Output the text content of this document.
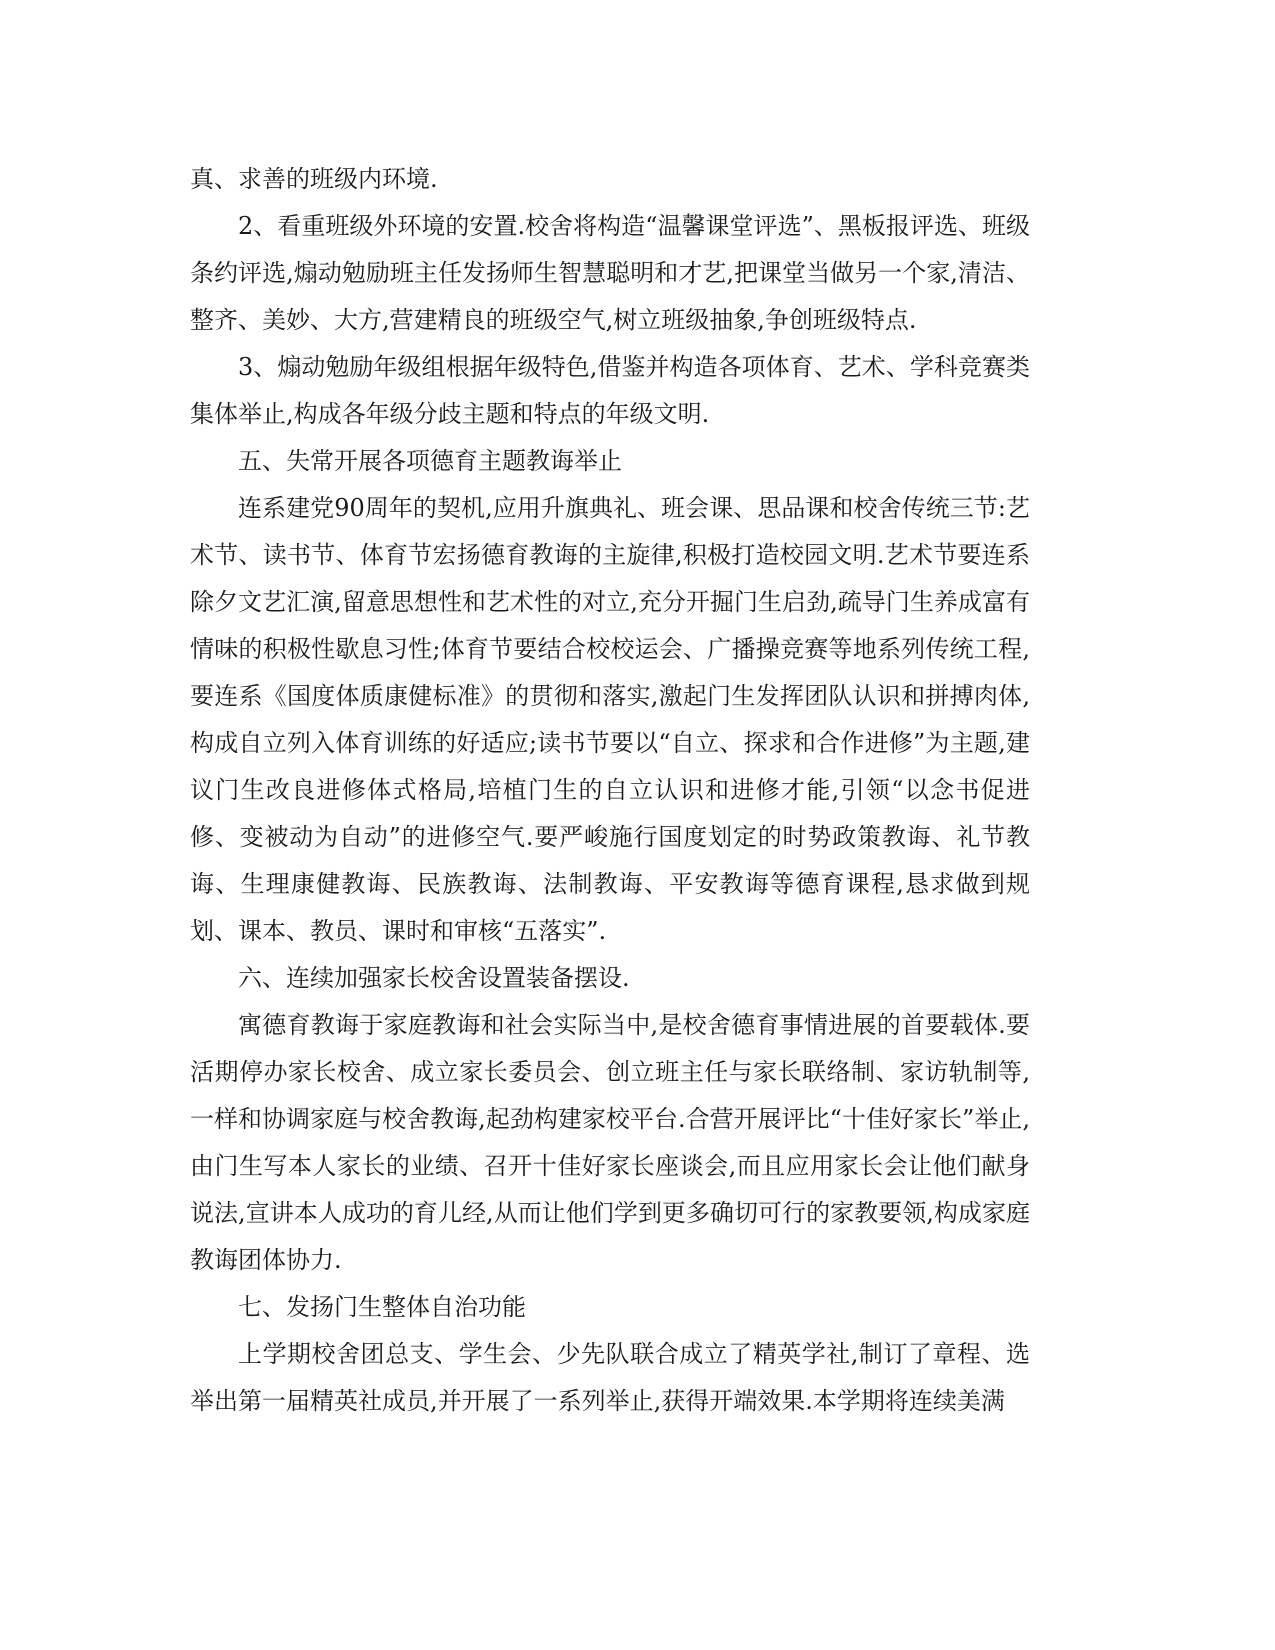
真、求善的班级内环境.

2、看重班级外环境的安置.校舍将构造“温馨课堂评选”、黑板报评选、班级条约评选,煽动勉励班主任发扬师生智慧聪明和才艺,把课堂当做另一个家,清洁、整齐、美妙、大方,营建精良的班级空气,树立班级抽象,争创班级特点.

3、煽动勉励年级组根据年级特色,借鉴并构造各项体育、艺术、学科竞赛类集体举止,构成各年级分歧主题和特点的年级文明.

五、失常开展各项德育主题教诲举止

连系建党90周年的契机,应用升旗典礼、班会课、思品课和校舍传统三节:艺术节、读书节、体育节宏扬德育教诲的主旋律,积极打造校园文明.艺术节要连系除夕文艺汇演,留意思想性和艺术性的对立,充分开掘门生启劲,疏导门生养成富有情味的积极性歇息习性;体育节要结合校校运会、广播操竞赛等地系列传统工程,要连系《国度体质康健标准》的贯彻和落实,激起门生发挥团队认识和拼搏肉体,构成自立列入体育训练的好适应;读书节要以“自立、探求和合作进修”为主题,建议门生改良进修体式格局,培植门生的自立认识和进修才能,引领“以念书促进修、变被动为自动”的进修空气.要严峻施行国度划定的时势政策教诲、礼节教诲、生理康健教诲、民族教诲、法制教诲、平安教诲等德育课程,恳求做到规划、课本、教员、课时和审核“五落实”.

六、连续加强家长校舍设置装备摆设.

寓德育教诲于家庭教诲和社会实际当中,是校舍德育事情进展的首要载体.要活期停办家长校舍、成立家长委员会、创立班主任与家长联络制、家访轨制等,一样和协调家庭与校舍教诲,起劲构建家校平台.合营开展评比“十佳好家长”举止,由门生写本人家长的业绩、召开十佳好家长座谈会,而且应用家长会让他们献身说法,宣讲本人成功的育儿经,从而让他们学到更多确切可行的家教要领,构成家庭教诲团体协力.

七、发扬门生整体自治功能

上学期校舍团总支、学生会、少先队联合成立了精英学社,制订了章程、选举出第一届精英社成员,并开展了一系列举止,获得开端效果.本学期将连续美满
